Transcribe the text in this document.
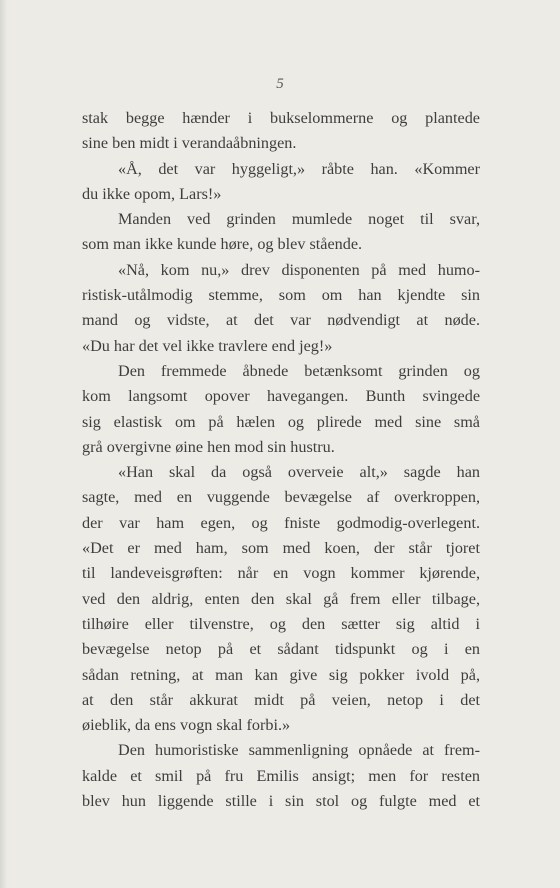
5
stak begge hænder i bukselommerne og plantede
sine ben midt i verandaåbningen.
«Å, det var hyggeligt,» råbte han. «Kommer
du ikke opom, Lars!»
Manden ved grinden mumlede noget til svar,
som man ikke kunde høre, og blev stående.
«Nå, kom nu,» drev disponenten på med humo-
ristisk-utålmodig stemme, som om han kjendte sin
mand og vidste, at det var nødvendigt at nøde.
«Du har det vel ikke travlere end jeg!»
Den fremmede åbnede betænksomt grinden og
kom langsomt opover havegangen. Bunth svingede
sig elastisk om på hælen og plirede med sine små
grå overgivne øine hen mod sin hustru.
«Han skal da også overveie alt,» sagde han
sagte, med en vuggende bevægelse af overkroppen,
der var ham egen, og fniste godmodig-overlegent.
«Det er med ham, som med koen, der står tjoret
til landeveisgrøften: når en vogn kommer kjørende,
ved den aldrig, enten den skal gå frem eller tilbage,
tilhøire eller tilvenstre, og den sætter sig altid i
bevægelse netop på et sådant tidspunkt og i en
sådan retning, at man kan give sig pokker ivold på,
at den står akkurat midt på veien, netop i det
øieblik, da ens vogn skal forbi.»
Den humoristiske sammenligning opnåede at frem-
kalde et smil på fru Emilis ansigt; men for resten
blev hun liggende stille i sin stol og fulgte med et
